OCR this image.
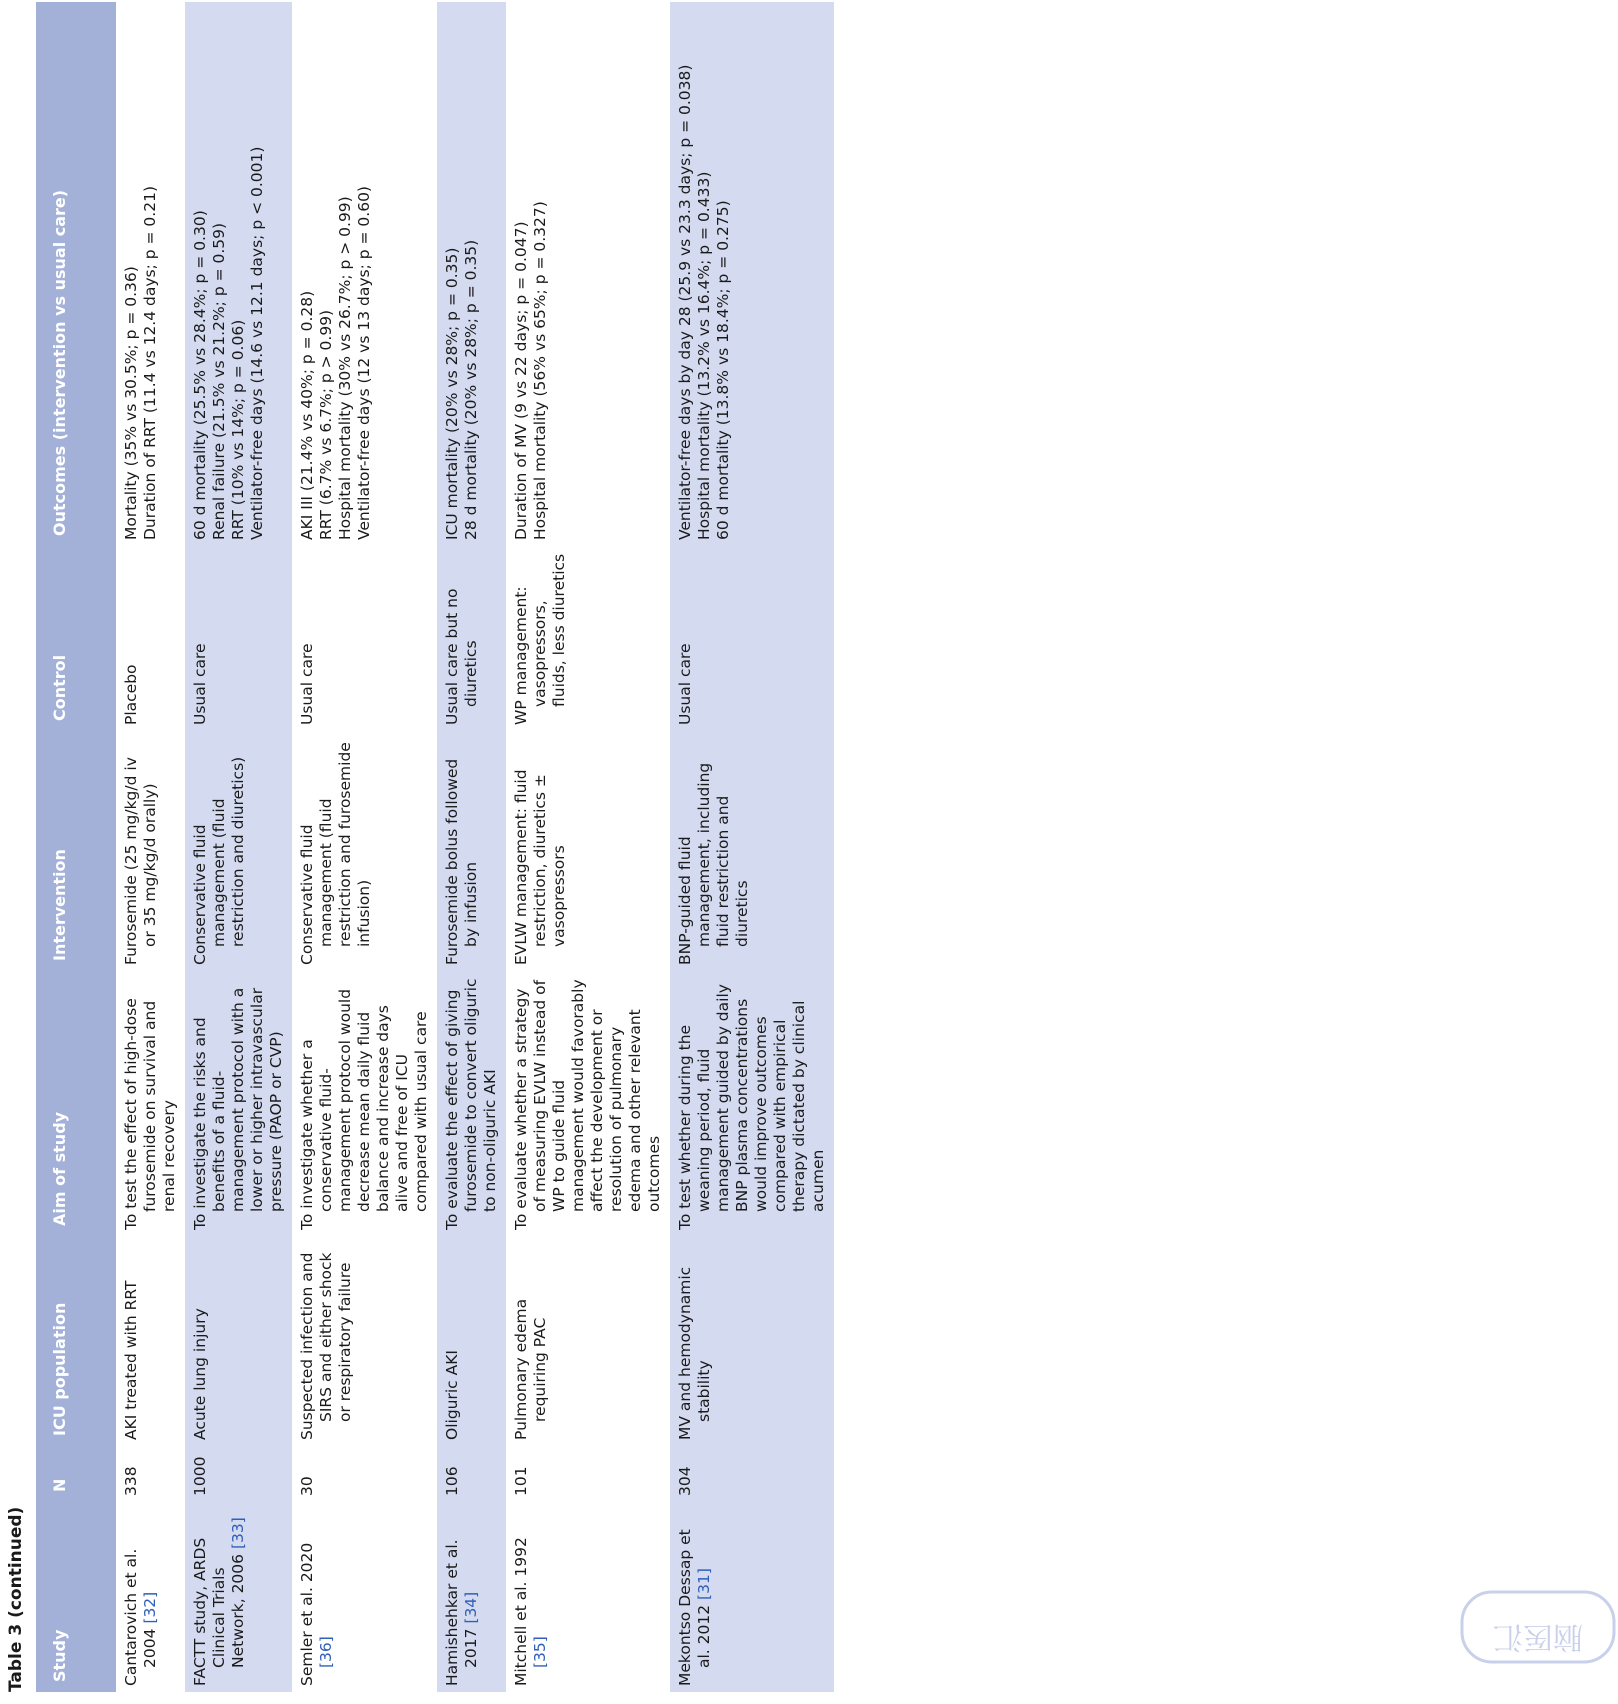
Table 3 (continued) Study	N	ICU population	Aim of study	Intervention	Control	Outcomes (intervention vs usual care)

Cantarovich et al. 2004 [32]	338	AKI treated with RRT	To test the effect of high-dose furosemide on survival and renal recovery	Furosemide (25 mg/kg/d iv or 35 mg/kg/d orally)	Placebo	Mortality (35% vs 30.5%; p = 0.36) Duration of RRT (11.4 vs 12.4 days; p = 0.21)

FACTT study, ARDS Clinical Trials Network, 2006 [33]	1000	Acute lung injury	To investigate the risks and benefits of a fluid-management protocol with a lower or higher intravascular pressure (PAOP or CVP)	Conservative fluid management (fluid restriction and diuretics)	Usual care	60 d mortality (25.5% vs 28.4%; p = 0.30) Renal failure (21.5% vs 21.2%; p = 0.59) RRT (10% vs 14%; p = 0.06) Ventilator-free days (14.6 vs 12.1 days; p < 0.001)

Semler et al. 2020 [36]	30	Suspected infection and SIRS and either shock or respiratory failure	To investigate whether a conservative fluid-management protocol would decrease mean daily fluid balance and increase days alive and free of ICU compared with usual care	Conservative fluid management (fluid restriction and furosemide infusion)	Usual care	AKI III (21.4% vs 40%; p = 0.28) RRT (6.7% vs 6.7%; p > 0.99) Hospital mortality (30% vs 26.7%; p > 0.99) Ventilator-free days (12 vs 13 days; p = 0.60)

Hamishehkar et al. 2017 [34]	106	Oliguric AKI	To evaluate the effect of giving furosemide to convert oliguric to non-oliguric AKI	Furosemide bolus followed by infusion	Usual care but no diuretics	ICU mortality (20% vs 28%; p = 0.35) 28 d mortality (20% vs 28%; p = 0.35)

Mitchell et al. 1992 [35]	101	Pulmonary edema requiring PAC	To evaluate whether a strategy of measuring EVLW instead of WP to guide fluid management would favorably affect the development or resolution of pulmonary edema and other relevant outcomes	EVLW management: fluid restriction, diuretics ± vasopressors	WP management: vasopressors, fluids, less diuretics	Duration of MV (9 vs 22 days; p = 0.047) Hospital mortality (56% vs 65%; p = 0.327)

Mekontso Dessap et al. 2012 [31]	304	MV and hemodynamic stability	To test whether during the weaning period, fluid management guided by daily BNP plasma concentrations would improve outcomes compared with empirical therapy dictated by clinical acumen	BNP-guided fluid management, including fluid restriction and diuretics	Usual care	Ventilator-free days by day 28 (25.9 vs 23.3 days; p = 0.038) Hospital mortality (13.2% vs 16.4%; p = 0.433) 60 d mortality (13.8% vs 18.4%; p = 0.275)
脑医汇
